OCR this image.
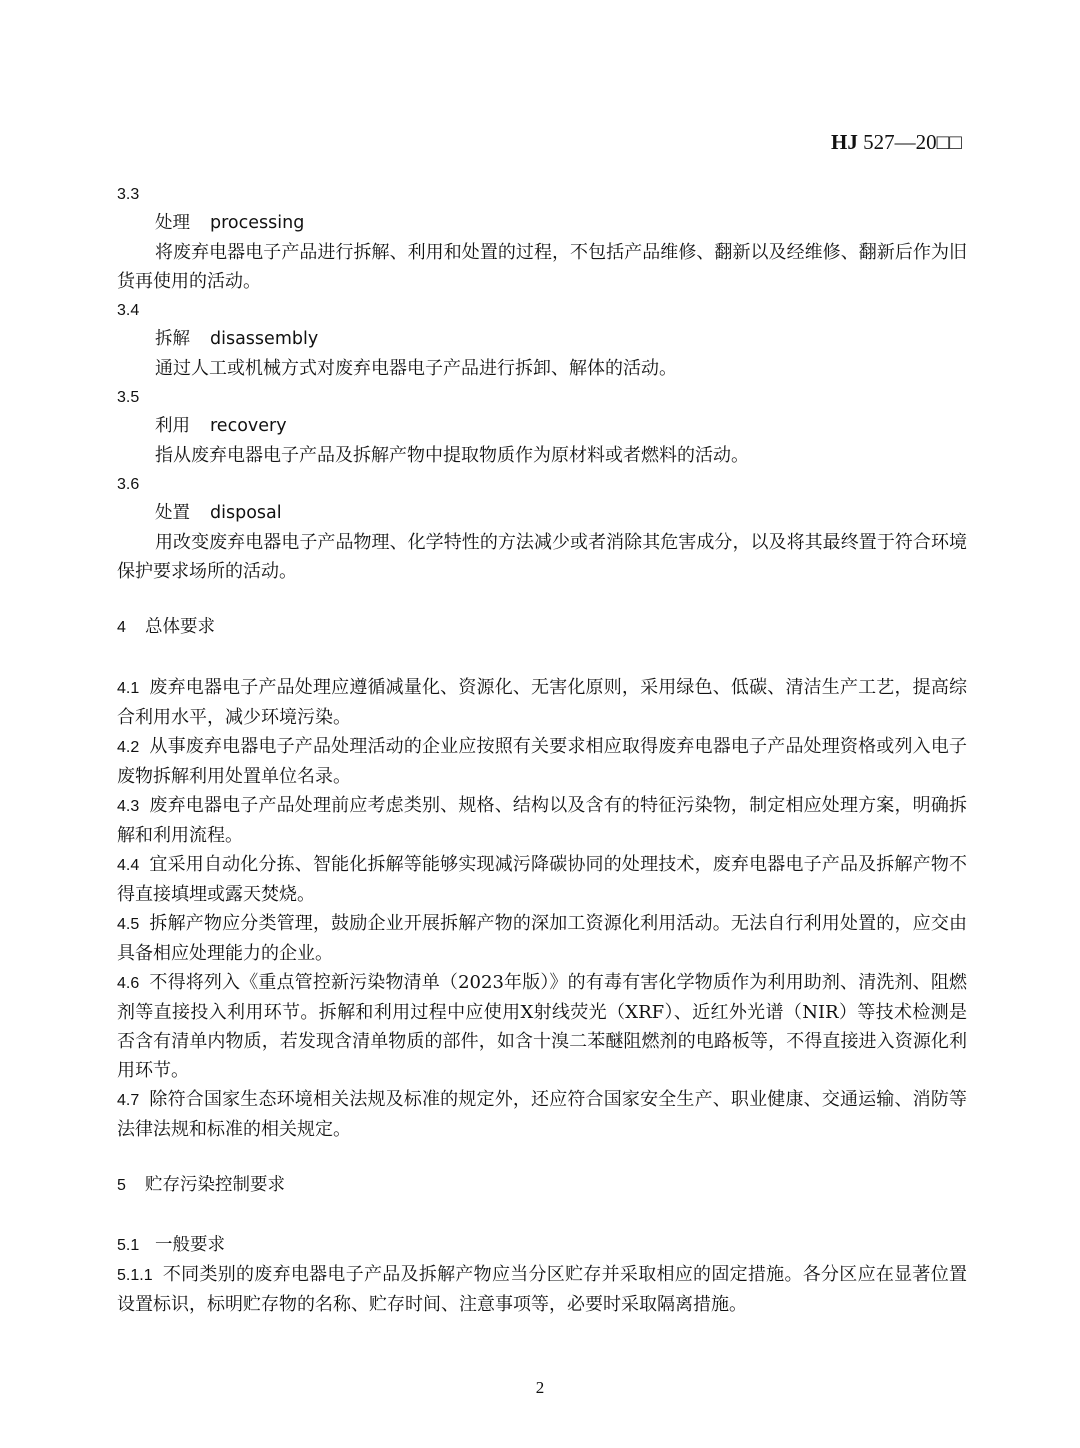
HJ 527—20□□
3.3
处理 processing
将废弃电器电子产品进行拆解、利用和处置的过程，不包括产品维修、翻新以及经维修、翻新后作为旧货再使用的活动。
3.4
拆解 disassembly
通过人工或机械方式对废弃电器电子产品进行拆卸、解体的活动。
3.5
利用 recovery
指从废弃电器电子产品及拆解产物中提取物质作为原材料或者燃料的活动。
3.6
处置 disposal
用改变废弃电器电子产品物理、化学特性的方法减少或者消除其危害成分，以及将其最终置于符合环境保护要求场所的活动。
4 总体要求
4.1 废弃电器电子产品处理应遵循减量化、资源化、无害化原则，采用绿色、低碳、清洁生产工艺，提高综合利用水平，减少环境污染。
4.2 从事废弃电器电子产品处理活动的企业应按照有关要求相应取得废弃电器电子产品处理资格或列入电子废物拆解利用处置单位名录。
4.3 废弃电器电子产品处理前应考虑类别、规格、结构以及含有的特征污染物，制定相应处理方案，明确拆解和利用流程。
4.4 宜采用自动化分拣、智能化拆解等能够实现减污降碳协同的处理技术，废弃电器电子产品及拆解产物不得直接填埋或露天焚烧。
4.5 拆解产物应分类管理，鼓励企业开展拆解产物的深加工资源化利用活动。无法自行利用处置的，应交由具备相应处理能力的企业。
4.6 不得将列入《重点管控新污染物清单（2023年版）》的有毒有害化学物质作为利用助剂、清洗剂、阻燃剂等直接投入利用环节。拆解和利用过程中应使用X射线荧光（XRF）、近红外光谱（NIR）等技术检测是否含有清单内物质，若发现含清单物质的部件，如含十溴二苯醚阻燃剂的电路板等，不得直接进入资源化利用环节。
4.7 除符合国家生态环境相关法规及标准的规定外，还应符合国家安全生产、职业健康、交通运输、消防等法律法规和标准的相关规定。
5 贮存污染控制要求
5.1 一般要求
5.1.1 不同类别的废弃电器电子产品及拆解产物应当分区贮存并采取相应的固定措施。各分区应在显著位置设置标识，标明贮存物的名称、贮存时间、注意事项等，必要时采取隔离措施。
2
